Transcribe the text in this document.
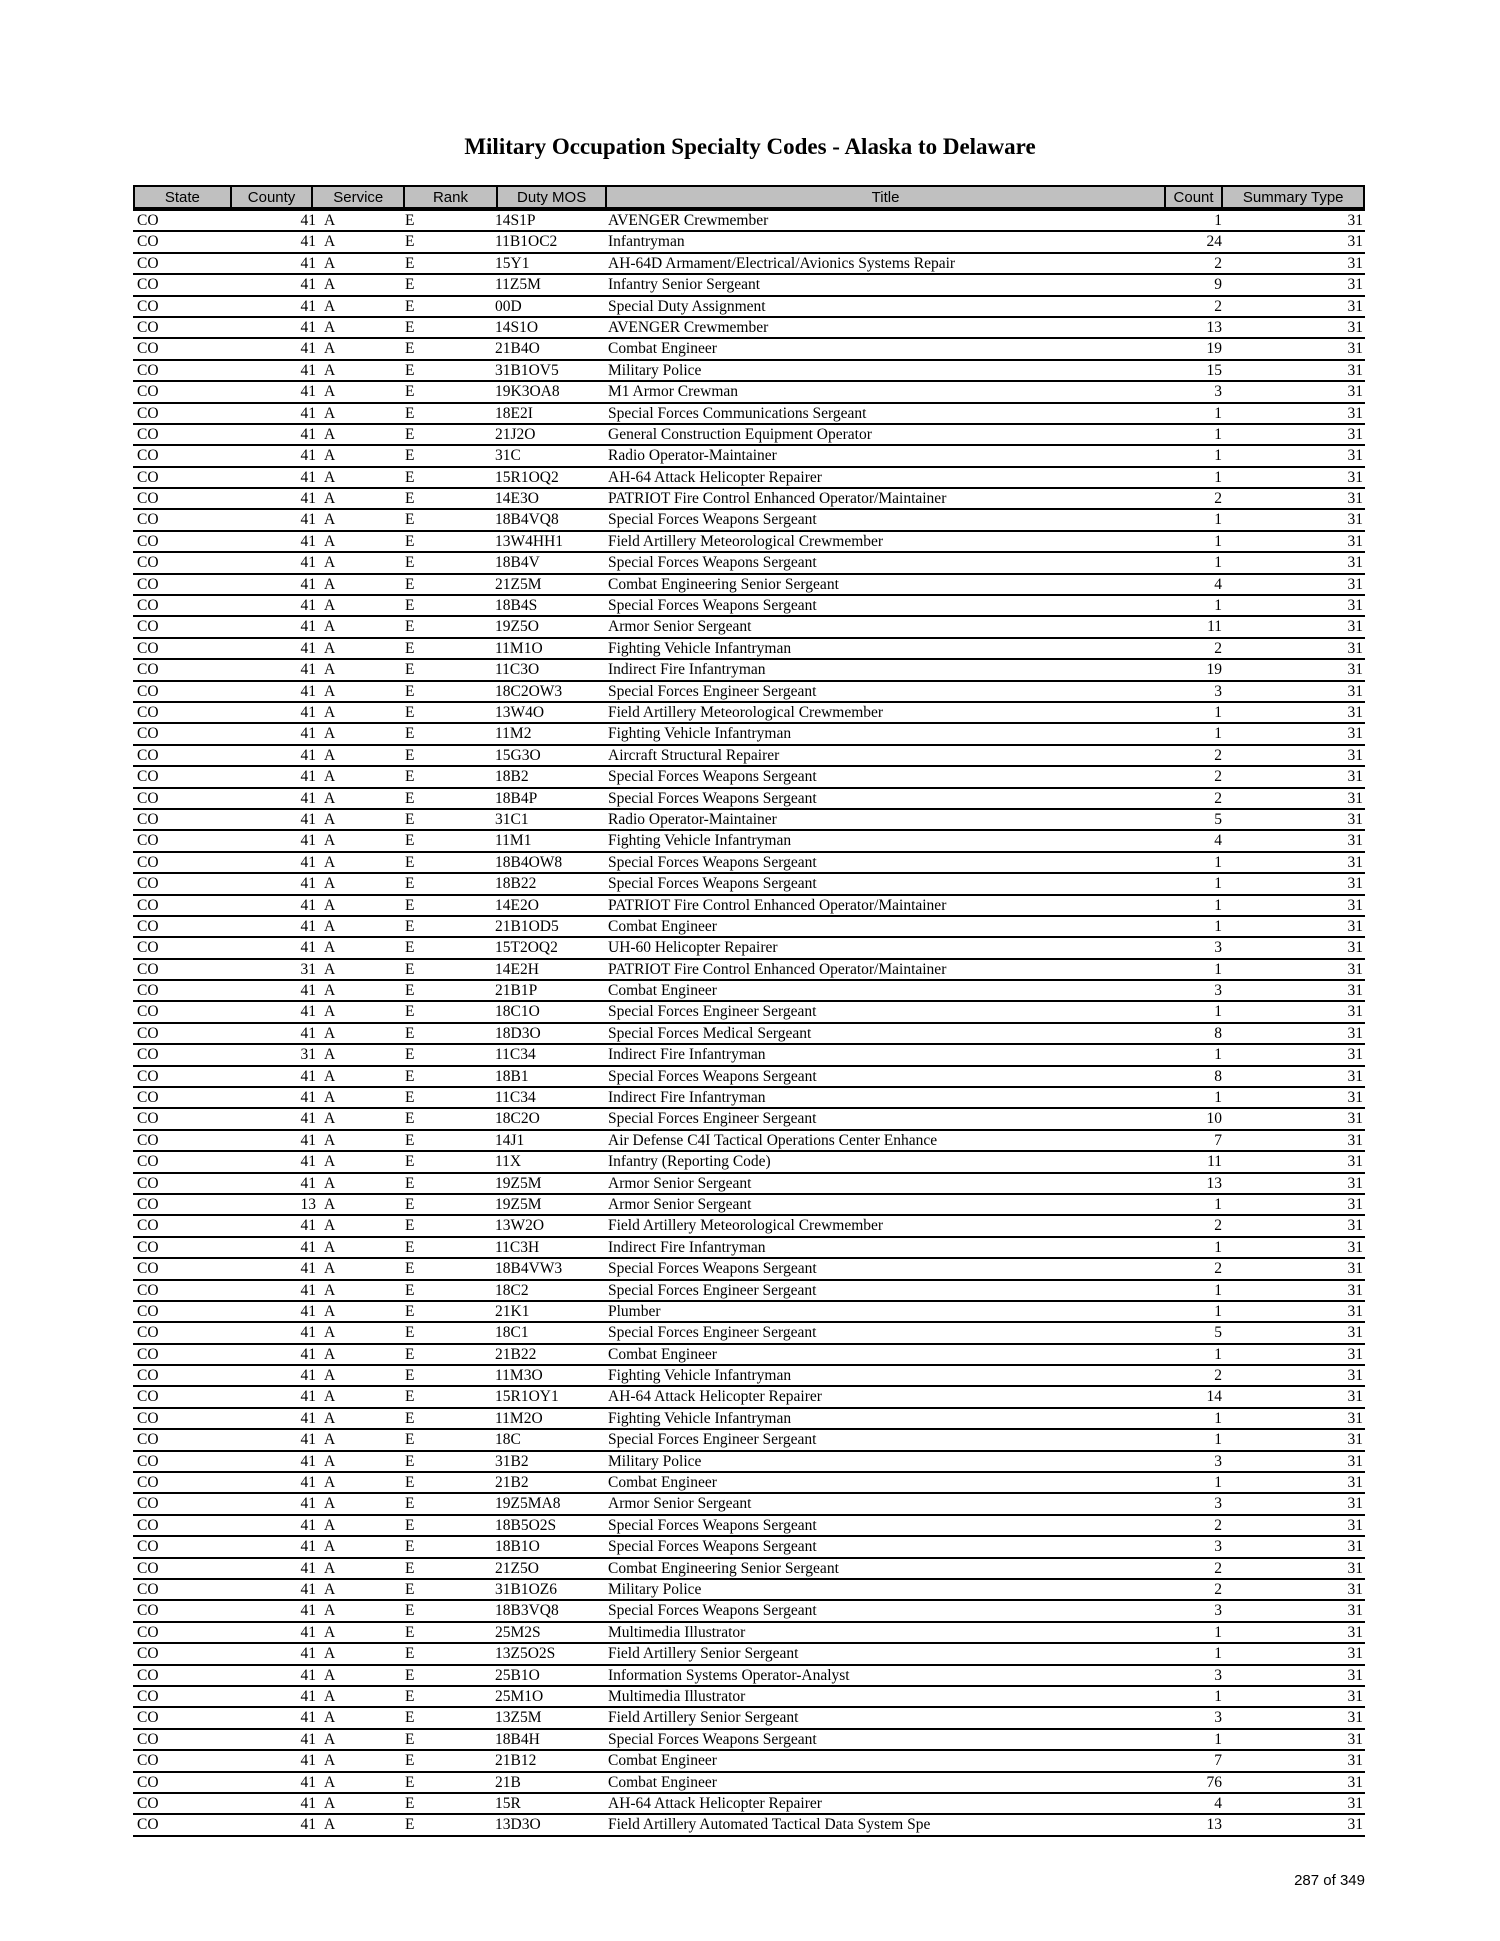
Military Occupation Specialty Codes - Alaska to Delaware
State	County	Service	Rank	Duty MOS	Title	Count	Summary Type
CO	41 A	E	14S1P	AVENGER Crewmember	1	31
CO	41 A	E	11B1OC2	Infantryman	24	31
CO	41 A	E	15Y1	AH-64D Armament/Electrical/Avionics Systems Repair	2	31
CO	41 A	E	11Z5M	Infantry Senior Sergeant	9	31
CO	41 A	E	00D	Special Duty Assignment	2	31
CO	41 A	E	14S1O	AVENGER Crewmember	13	31
CO	41 A	E	21B4O	Combat Engineer	19	31
CO	41 A	E	31B1OV5	Military Police	15	31
CO	41 A	E	19K3OA8	M1 Armor Crewman	3	31
CO	41 A	E	18E2I	Special Forces Communications Sergeant	1	31
CO	41 A	E	21J2O	General Construction Equipment Operator	1	31
CO	41 A	E	31C	Radio Operator-Maintainer	1	31
CO	41 A	E	15R1OQ2	AH-64 Attack Helicopter Repairer	1	31
CO	41 A	E	14E3O	PATRIOT Fire Control Enhanced Operator/Maintainer	2	31
CO	41 A	E	18B4VQ8	Special Forces Weapons Sergeant	1	31
CO	41 A	E	13W4HH1	Field Artillery Meteorological Crewmember	1	31
CO	41 A	E	18B4V	Special Forces Weapons Sergeant	1	31
CO	41 A	E	21Z5M	Combat Engineering Senior Sergeant	4	31
CO	41 A	E	18B4S	Special Forces Weapons Sergeant	1	31
CO	41 A	E	19Z5O	Armor Senior Sergeant	11	31
CO	41 A	E	11M1O	Fighting Vehicle Infantryman	2	31
CO	41 A	E	11C3O	Indirect Fire Infantryman	19	31
CO	41 A	E	18C2OW3	Special Forces Engineer Sergeant	3	31
CO	41 A	E	13W4O	Field Artillery Meteorological Crewmember	1	31
CO	41 A	E	11M2	Fighting Vehicle Infantryman	1	31
CO	41 A	E	15G3O	Aircraft Structural Repairer	2	31
CO	41 A	E	18B2	Special Forces Weapons Sergeant	2	31
CO	41 A	E	18B4P	Special Forces Weapons Sergeant	2	31
CO	41 A	E	31C1	Radio Operator-Maintainer	5	31
CO	41 A	E	11M1	Fighting Vehicle Infantryman	4	31
CO	41 A	E	18B4OW8	Special Forces Weapons Sergeant	1	31
CO	41 A	E	18B22	Special Forces Weapons Sergeant	1	31
CO	41 A	E	14E2O	PATRIOT Fire Control Enhanced Operator/Maintainer	1	31
CO	41 A	E	21B1OD5	Combat Engineer	1	31
CO	41 A	E	15T2OQ2	UH-60 Helicopter Repairer	3	31
CO	31 A	E	14E2H	PATRIOT Fire Control Enhanced Operator/Maintainer	1	31
CO	41 A	E	21B1P	Combat Engineer	3	31
CO	41 A	E	18C1O	Special Forces Engineer Sergeant	1	31
CO	41 A	E	18D3O	Special Forces Medical Sergeant	8	31
CO	31 A	E	11C34	Indirect Fire Infantryman	1	31
CO	41 A	E	18B1	Special Forces Weapons Sergeant	8	31
CO	41 A	E	11C34	Indirect Fire Infantryman	1	31
CO	41 A	E	18C2O	Special Forces Engineer Sergeant	10	31
CO	41 A	E	14J1	Air Defense C4I Tactical Operations Center Enhance	7	31
CO	41 A	E	11X	Infantry (Reporting Code)	11	31
CO	41 A	E	19Z5M	Armor Senior Sergeant	13	31
CO	13 A	E	19Z5M	Armor Senior Sergeant	1	31
CO	41 A	E	13W2O	Field Artillery Meteorological Crewmember	2	31
CO	41 A	E	11C3H	Indirect Fire Infantryman	1	31
CO	41 A	E	18B4VW3	Special Forces Weapons Sergeant	2	31
CO	41 A	E	18C2	Special Forces Engineer Sergeant	1	31
CO	41 A	E	21K1	Plumber	1	31
CO	41 A	E	18C1	Special Forces Engineer Sergeant	5	31
CO	41 A	E	21B22	Combat Engineer	1	31
CO	41 A	E	11M3O	Fighting Vehicle Infantryman	2	31
CO	41 A	E	15R1OY1	AH-64 Attack Helicopter Repairer	14	31
CO	41 A	E	11M2O	Fighting Vehicle Infantryman	1	31
CO	41 A	E	18C	Special Forces Engineer Sergeant	1	31
CO	41 A	E	31B2	Military Police	3	31
CO	41 A	E	21B2	Combat Engineer	1	31
CO	41 A	E	19Z5MA8	Armor Senior Sergeant	3	31
CO	41 A	E	18B5O2S	Special Forces Weapons Sergeant	2	31
CO	41 A	E	18B1O	Special Forces Weapons Sergeant	3	31
CO	41 A	E	21Z5O	Combat Engineering Senior Sergeant	2	31
CO	41 A	E	31B1OZ6	Military Police	2	31
CO	41 A	E	18B3VQ8	Special Forces Weapons Sergeant	3	31
CO	41 A	E	25M2S	Multimedia Illustrator	1	31
CO	41 A	E	13Z5O2S	Field Artillery Senior Sergeant	1	31
CO	41 A	E	25B1O	Information Systems Operator-Analyst	3	31
CO	41 A	E	25M1O	Multimedia Illustrator	1	31
CO	41 A	E	13Z5M	Field Artillery Senior Sergeant	3	31
CO	41 A	E	18B4H	Special Forces Weapons Sergeant	1	31
CO	41 A	E	21B12	Combat Engineer	7	31
CO	41 A	E	21B	Combat Engineer	76	31
CO	41 A	E	15R	AH-64 Attack Helicopter Repairer	4	31
CO	41 A	E	13D3O	Field Artillery Automated Tactical Data System Spe	13	31
287 of 349
